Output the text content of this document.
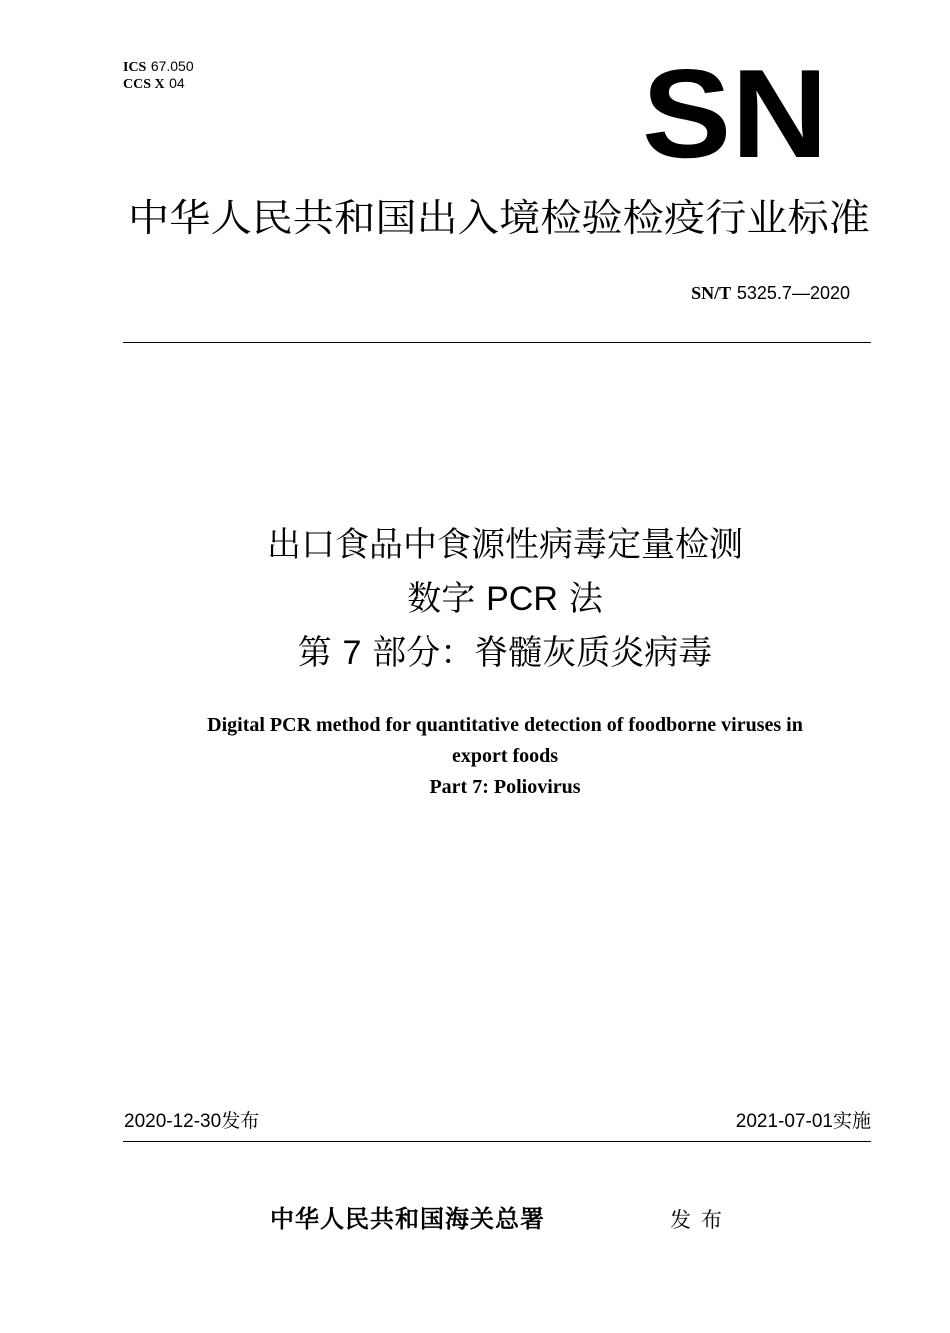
ICS 67.050
CCS X 04	SN
中华人民共和国出入境检验检疫行业标准
SN/T 5325.7—2020
出口食品中食源性病毒定量检测
数字 PCR 法
第 7 部分：脊髓灰质炎病毒
Digital PCR method for quantitative detection of foodborne viruses in
export foods
Part 7: Poliovirus
2020-12-30发布	2021-07-01实施
中华人民共和国海关总署	发布
